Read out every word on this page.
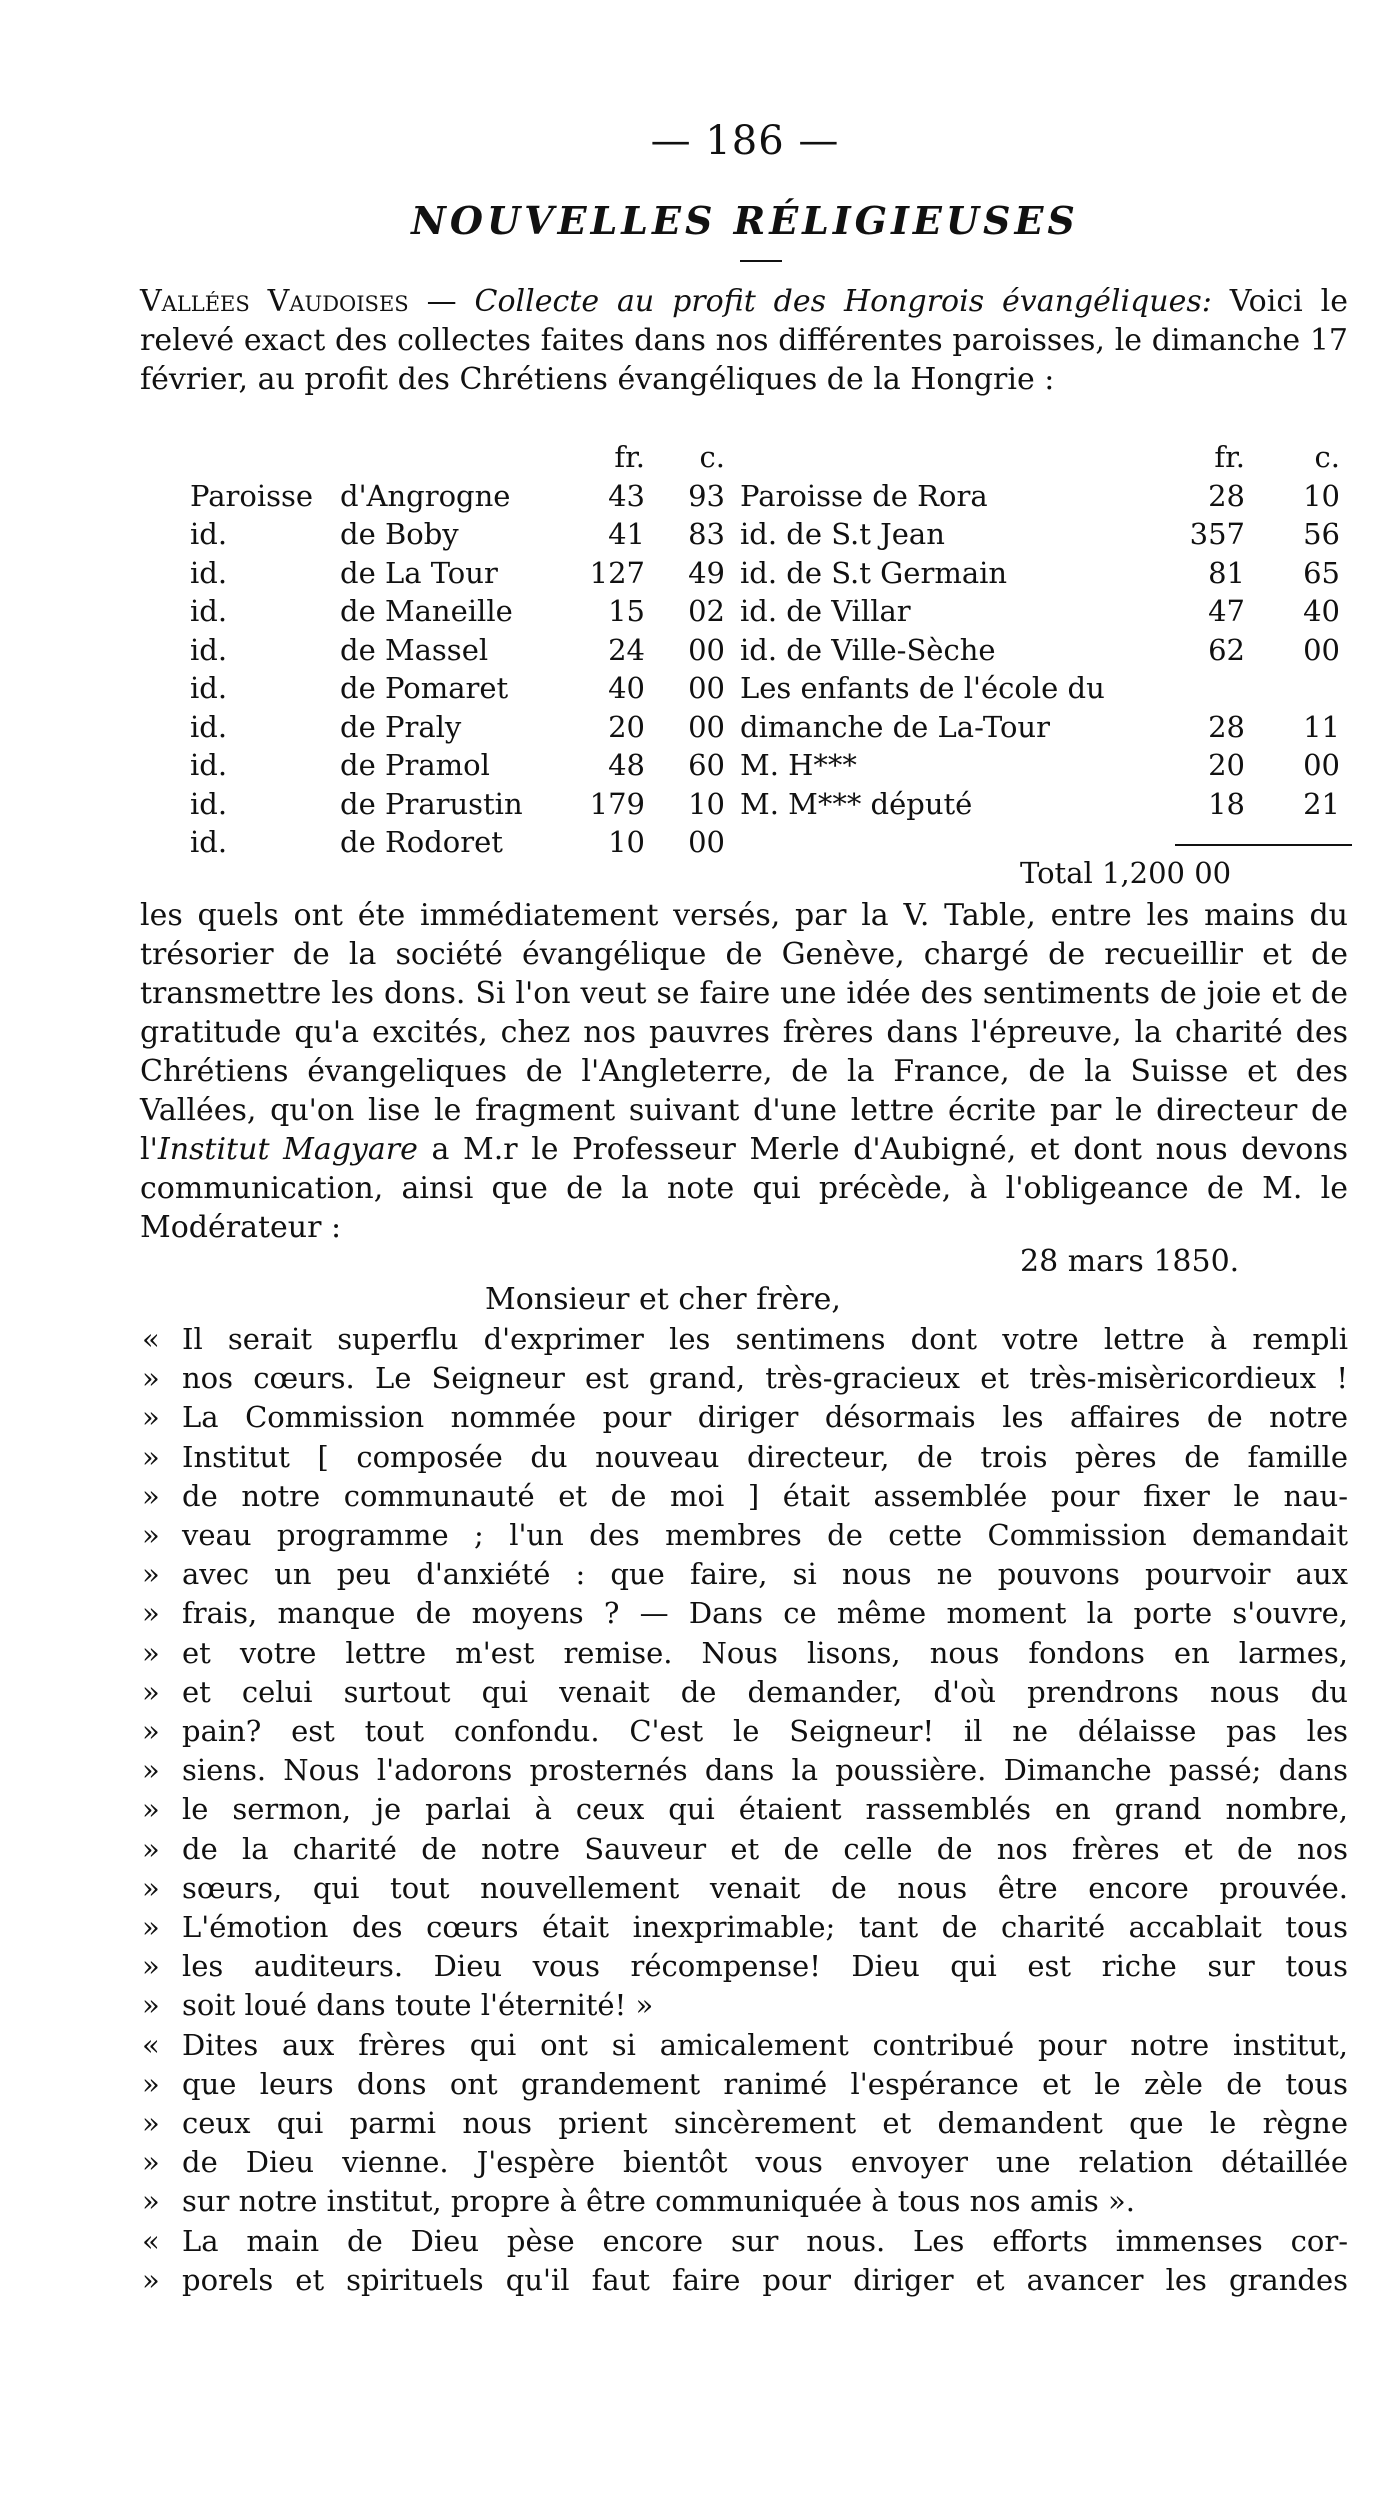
— 186 —
NOUVELLES RÉLIGIEUSES
Vallées Vaudoises — Collecte au profit des Hongrois évangéliques: Voici le relevé exact des collectes faites dans nos différentes paroisses, le dimanche 17 février, au profit des Chrétiens évangéliques de la Hongrie :
		fr.	c.
Paroisse	d'Angrogne	43	93
id.	de Boby	41	83
id.	de La Tour	127	49
id.	de Maneille	15	02
id.	de Massel	24	00
id.	de Pomaret	40	00
id.	de Praly	20	00
id.	de Pramol	48	60
id.	de Prarustin	179	10
id.	de Rodoret	10	00
	fr.	c.
Paroisse de Rora	28	10
id. de S.t Jean	357	56
id. de S.t Germain	81	65
id. de Villar	47	40
id. de Ville-Sèche	62	00
Les enfants de l'école du		
dimanche de La-Tour	28	11
M. H***	20	00
M. M*** député	18	21
Total 1,200 00
les quels ont éte immédiatement versés, par la V. Table, entre les mains du trésorier de la société évangélique de Genève, chargé de recueillir et de transmettre les dons. Si l'on veut se faire une idée des sentiments de joie et de gratitude qu'a excités, chez nos pauvres frères dans l'épreuve, la charité des Chrétiens évangeliques de l'Angleterre, de la France, de la Suisse et des Vallées, qu'on lise le fragment suivant d'une lettre écrite par le directeur de l'Institut Magyare a M.r le Professeur Merle d'Aubigné, et dont nous devons communication, ainsi que de la note qui précède, à l'obligeance de M. le Modérateur :
28 mars 1850.
Monsieur et cher frère,
« Il serait superflu d'exprimer les sentimens dont votre lettre à rempli
» nos cœurs. Le Seigneur est grand, très-gracieux et très-misèricordieux !
» La Commission nommée pour diriger désormais les affaires de notre
» Institut [ composée du nouveau directeur, de trois pères de famille
» de notre communauté et de moi ] était assemblée pour fixer le nau-
» veau programme ; l'un des membres de cette Commission demandait
» avec un peu d'anxiété : que faire, si nous ne pouvons pourvoir aux
» frais, manque de moyens ? — Dans ce même moment la porte s'ouvre,
» et votre lettre m'est remise. Nous lisons, nous fondons en larmes,
» et celui surtout qui venait de demander, d'où prendrons nous du
» pain? est tout confondu. C'est le Seigneur! il ne délaisse pas les
» siens. Nous l'adorons prosternés dans la poussière. Dimanche passé; dans
» le sermon, je parlai à ceux qui étaient rassemblés en grand nombre,
» de la charité de notre Sauveur et de celle de nos frères et de nos
» sœurs, qui tout nouvellement venait de nous être encore prouvée.
» L'émotion des cœurs était inexprimable; tant de charité accablait tous
» les auditeurs. Dieu vous récompense! Dieu qui est riche sur tous
» soit loué dans toute l'éternité! »
« Dites aux frères qui ont si amicalement contribué pour notre institut,
» que leurs dons ont grandement ranimé l'espérance et le zèle de tous
» ceux qui parmi nous prient sincèrement et demandent que le règne
» de Dieu vienne. J'espère bientôt vous envoyer une relation détaillée
» sur notre institut, propre à être communiquée à tous nos amis ».
« La main de Dieu pèse encore sur nous. Les efforts immenses cor-
» porels et spirituels qu'il faut faire pour diriger et avancer les grandes
